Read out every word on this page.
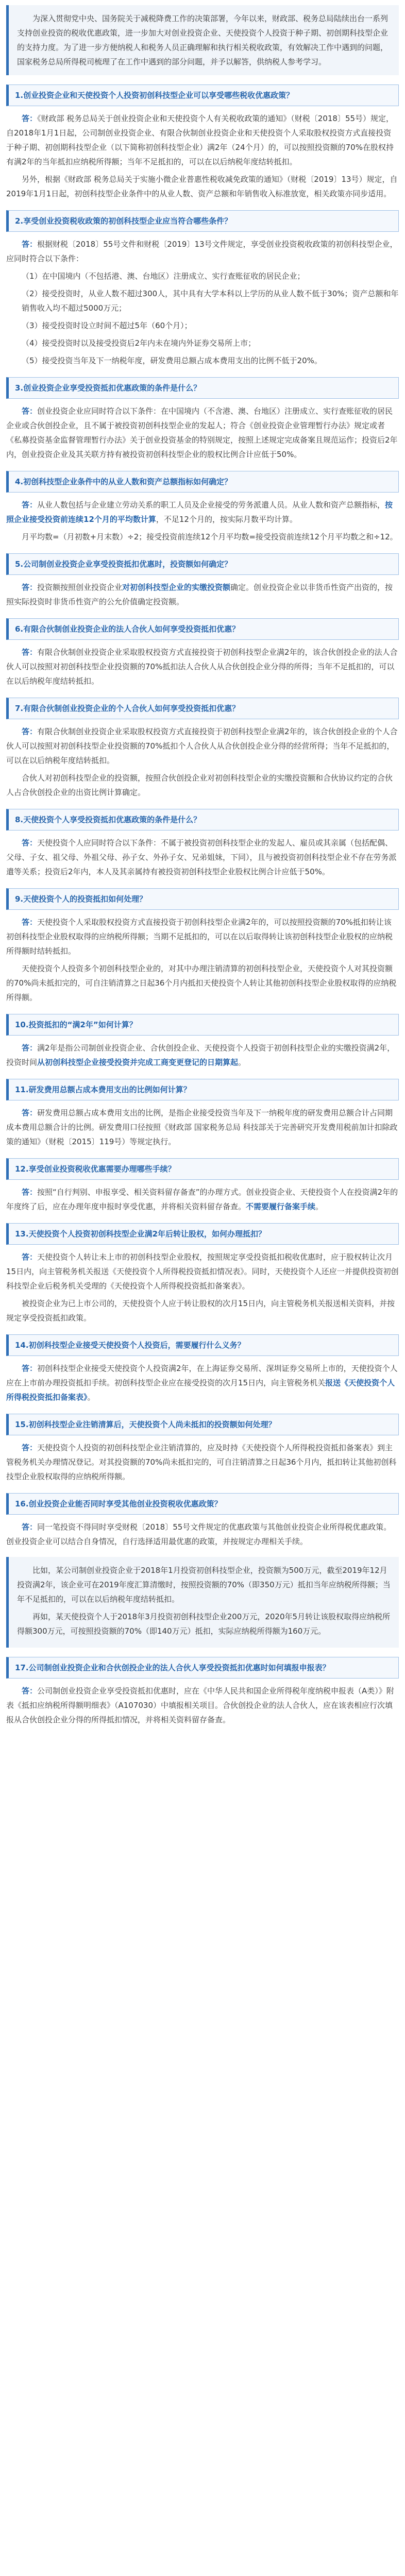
为深入贯彻党中央、国务院关于减税降费工作的决策部署，今年以来，财政部、税务总局陆续出台一系列支持创业投资的税收优惠政策，进一步加大对创业投资企业、天使投资个人投资于种子期、初创期科技型企业的支持力度。为了进一步方便纳税人和税务人员正确理解和执行相关税收政策，有效解决工作中遇到的问题，国家税务总局所得税司梳理了在工作中遇到的部分问题，并予以解答，供纳税人参考学习。

1.创业投资企业和天使投资个人投资初创科技型企业可以享受哪些税收优惠政策？

答：《财政部 税务总局关于创业投资企业和天使投资个人有关税收政策的通知》（财税〔2018〕55号）规定，自2018年1月1日起，公司制创业投资企业、有限合伙制创业投资企业和天使投资个人采取股权投资方式直接投资于种子期、初创期科技型企业（以下简称初创科技型企业）满2年（24个月）的，可以按照投资额的70%在股权持有满2年的当年抵扣应纳税所得额；当年不足抵扣的，可以在以后纳税年度结转抵扣。

另外，根据《财政部 税务总局关于实施小微企业普惠性税收减免政策的通知》（财税〔2019〕13号）规定，自2019年1月1日起，初创科技型企业条件中的从业人数、资产总额和年销售收入标准放宽，相关政策亦同步适用。

2.享受创业投资税收政策的初创科技型企业应当符合哪些条件？

答：根据财税〔2018〕55号文件和财税〔2019〕13号文件规定，享受创业投资税收政策的初创科技型企业，应同时符合以下条件：

（1）在中国境内（不包括港、澳、台地区）注册成立、实行查账征收的居民企业；

（2）接受投资时，从业人数不超过300人，其中具有大学本科以上学历的从业人数不低于30%；资产总额和年销售收入均不超过5000万元；

（3）接受投资时设立时间不超过5年（60个月）；

（4）接受投资时以及接受投资后2年内未在境内外证券交易所上市；

（5）接受投资当年及下一纳税年度，研发费用总额占成本费用支出的比例不低于20%。

3.创业投资企业享受投资抵扣优惠政策的条件是什么？

答：创业投资企业应同时符合以下条件：在中国境内（不含港、澳、台地区）注册成立、实行查账征收的居民企业或合伙创投企业，且不属于被投资初创科技型企业的发起人；符合《创业投资企业管理暂行办法》规定或者《私募投资基金监督管理暂行办法》关于创业投资基金的特别规定，按照上述规定完成备案且规范运作；投资后2年内，创业投资企业及其关联方持有被投资初创科技型企业的股权比例合计应低于50%。

4.初创科技型企业条件中的从业人数和资产总额指标如何确定？

答：从业人数包括与企业建立劳动关系的职工人员及企业接受的劳务派遣人员。从业人数和资产总额指标，按照企业接受投资前连续12个月的平均数计算，不足12个月的，按实际月数平均计算。

月平均数=（月初数+月末数）÷2；接受投资前连续12个月平均数=接受投资前连续12个月平均数之和÷12。

5.公司制创业投资企业享受投资抵扣优惠时，投资额如何确定？

答：投资额按照创业投资企业对初创科技型企业的实缴投资额确定。创业投资企业以非货币性资产出资的，按照实际投资时非货币性资产的公允价值确定投资额。

6.有限合伙制创业投资企业的法人合伙人如何享受投资抵扣优惠？

答：有限合伙制创业投资企业采取股权投资方式直接投资于初创科技型企业满2年的，该合伙创投企业的法人合伙人可以按照对初创科技型企业投资额的70%抵扣法人合伙人从合伙创投企业分得的所得；当年不足抵扣的，可以在以后纳税年度结转抵扣。

7.有限合伙制创业投资企业的个人合伙人如何享受投资抵扣优惠？

答：有限合伙制创业投资企业采取股权投资方式直接投资于初创科技型企业满2年的，该合伙创投企业的个人合伙人可以按照对初创科技型企业投资额的70%抵扣个人合伙人从合伙创投企业分得的经营所得；当年不足抵扣的，可以在以后纳税年度结转抵扣。

合伙人对初创科技型企业的投资额，按照合伙创投企业对初创科技型企业的实缴投资额和合伙协议约定的合伙人占合伙创投企业的出资比例计算确定。

8.天使投资个人享受投资抵扣优惠政策的条件是什么？

答：天使投资个人应同时符合以下条件：不属于被投资初创科技型企业的发起人、雇员或其亲属（包括配偶、父母、子女、祖父母、外祖父母、孙子女、外孙子女、兄弟姐妹，下同），且与被投资初创科技型企业不存在劳务派遣等关系；投资后2年内，本人及其亲属持有被投资初创科技型企业股权比例合计应低于50%。

9.天使投资个人的投资抵扣如何处理？

答：天使投资个人采取股权投资方式直接投资于初创科技型企业满2年的，可以按照投资额的70%抵扣转让该初创科技型企业股权取得的应纳税所得额；当期不足抵扣的，可以在以后取得转让该初创科技型企业股权的应纳税所得额时结转抵扣。

天使投资个人投资多个初创科技型企业的，对其中办理注销清算的初创科技型企业，天使投资个人对其投资额的70%尚未抵扣完的，可自注销清算之日起36个月内抵扣天使投资个人转让其他初创科技型企业股权取得的应纳税所得额。

10.投资抵扣的“满2年”如何计算？

答：满2年是指公司制创业投资企业、合伙创投企业、天使投资个人投资于初创科技型企业的实缴投资满2年，投资时间从初创科技型企业接受投资并完成工商变更登记的日期算起。

11.研发费用总额占成本费用支出的比例如何计算？

答：研发费用总额占成本费用支出的比例，是指企业接受投资当年及下一纳税年度的研发费用总额合计占同期成本费用总额合计的比例。研发费用口径按照《财政部 国家税务总局 科技部关于完善研究开发费用税前加计扣除政策的通知》（财税〔2015〕119号）等规定执行。

12.享受创业投资税收优惠需要办理哪些手续？

答：按照“自行判别、申报享受、相关资料留存备查”的办理方式。创业投资企业、天使投资个人在投资满2年的年度终了后，应在办理年度申报时享受优惠，并将相关资料留存备查。不需要履行备案手续。

13.天使投资个人投资初创科技型企业满2年后转让股权，如何办理抵扣？

答：天使投资个人转让未上市的初创科技型企业股权，按照规定享受投资抵扣税收优惠时，应于股权转让次月15日内，向主管税务机关报送《天使投资个人所得税投资抵扣情况表》。同时，天使投资个人还应一并提供投资初创科技型企业后税务机关受理的《天使投资个人所得税投资抵扣备案表》。

被投资企业为已上市公司的，天使投资个人应于转让股权的次月15日内，向主管税务机关报送相关资料，并按规定享受投资抵扣政策。

14.初创科技型企业接受天使投资个人投资后，需要履行什么义务？

答：初创科技型企业接受天使投资个人投资满2年，在上海证券交易所、深圳证券交易所上市的，天使投资个人应在上市前办理投资抵扣手续。初创科技型企业应在接受投资的次月15日内，向主管税务机关报送《天使投资个人所得税投资抵扣备案表》。

15.初创科技型企业注销清算后，天使投资个人尚未抵扣的投资额如何处理？

答：天使投资个人投资的初创科技型企业注销清算的，应及时持《天使投资个人所得税投资抵扣备案表》到主管税务机关办理情况登记。对其投资额的70%尚未抵扣完的，可自注销清算之日起36个月内，抵扣转让其他初创科技型企业股权取得的应纳税所得额。

16.创业投资企业能否同时享受其他创业投资税收优惠政策？

答：同一笔投资不得同时享受财税〔2018〕55号文件规定的优惠政策与其他创业投资企业所得税优惠政策。创业投资企业可以结合自身情况，自行选择适用最优惠的政策，并按规定办理相关手续。

比如，某公司制创业投资企业于2018年1月投资初创科技型企业，投资额为500万元，截至2019年12月投资满2年，该企业可在2019年度汇算清缴时，按照投资额的70%（即350万元）抵扣当年应纳税所得额；当年不足抵扣的，可以在以后纳税年度结转抵扣。

再如，某天使投资个人于2018年3月投资初创科技型企业200万元，2020年5月转让该股权取得应纳税所得额300万元，可按照投资额的70%（即140万元）抵扣，实际应纳税所得额为160万元。

17.公司制创业投资企业和合伙创投企业的法人合伙人享受投资抵扣优惠时如何填报申报表？

答：公司制创业投资企业享受投资抵扣优惠时，应在《中华人民共和国企业所得税年度纳税申报表（A类）》附表《抵扣应纳税所得额明细表》（A107030）中填报相关项目。合伙创投企业的法人合伙人，应在该表相应行次填报从合伙创投企业分得的所得抵扣情况，并将相关资料留存备查。
